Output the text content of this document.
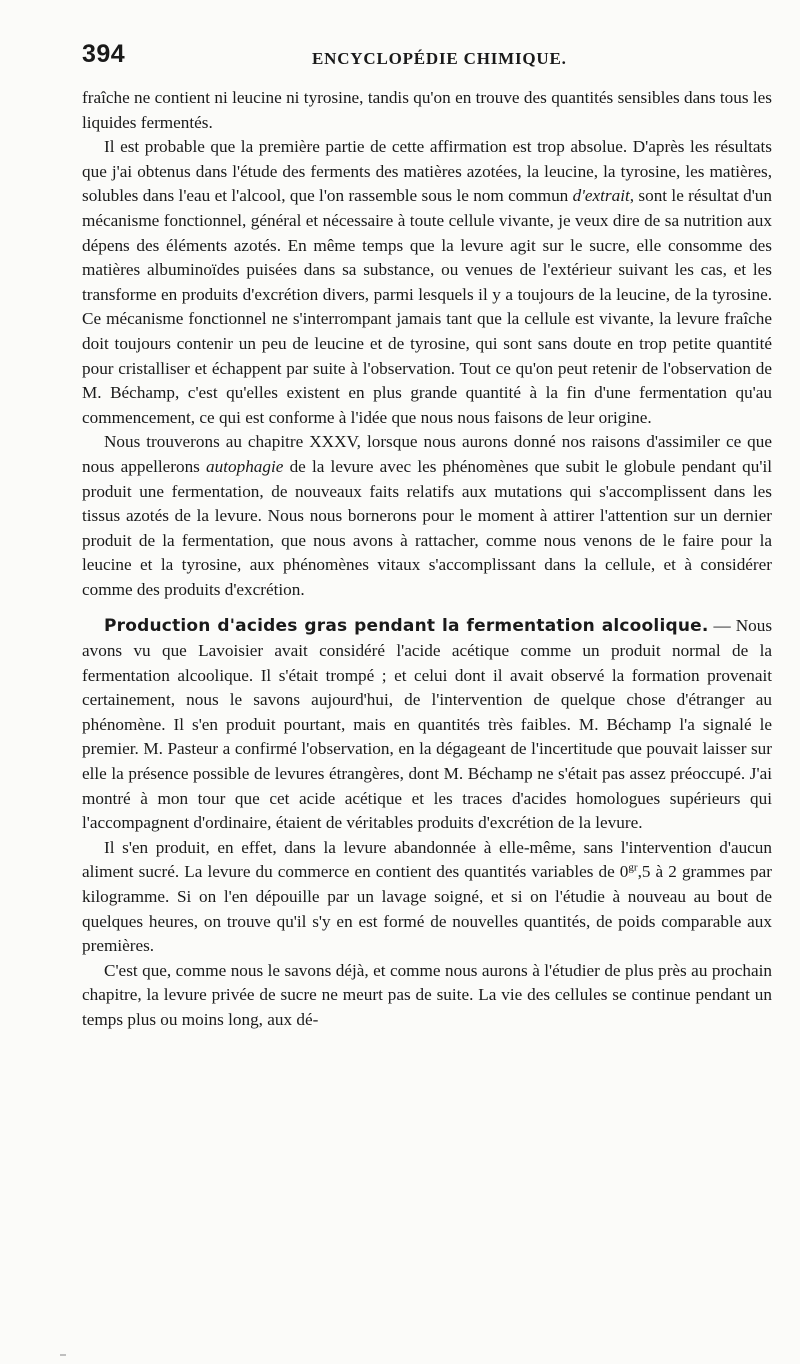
394	ENCYCLOPÉDIE CHIMIQUE.

fraîche ne contient ni leucine ni tyrosine, tandis qu'on en trouve des quantités sensibles dans tous les liquides fermentés.

Il est probable que la première partie de cette affirmation est trop absolue. D'après les résultats que j'ai obtenus dans l'étude des ferments des matières azotées, la leucine, la tyrosine, les matières, solubles dans l'eau et l'alcool, que l'on rassemble sous le nom commun d'extrait, sont le résultat d'un mécanisme fonctionnel, général et nécessaire à toute cellule vivante, je veux dire de sa nutrition aux dépens des éléments azotés. En même temps que la levure agit sur le sucre, elle consomme des matières albuminoïdes puisées dans sa substance, ou venues de l'extérieur suivant les cas, et les transforme en produits d'excrétion divers, parmi lesquels il y a toujours de la leucine, de la tyrosine. Ce mécanisme fonctionnel ne s'interrompant jamais tant que la cellule est vivante, la levure fraîche doit toujours contenir un peu de leucine et de tyrosine, qui sont sans doute en trop petite quantité pour cristalliser et échappent par suite à l'observation. Tout ce qu'on peut retenir de l'observation de M. Béchamp, c'est qu'elles existent en plus grande quantité à la fin d'une fermentation qu'au commencement, ce qui est conforme à l'idée que nous nous faisons de leur origine.

Nous trouverons au chapitre XXXV, lorsque nous aurons donné nos raisons d'assimiler ce que nous appellerons autophagie de la levure avec les phénomènes que subit le globule pendant qu'il produit une fermentation, de nouveaux faits relatifs aux mutations qui s'accomplissent dans les tissus azotés de la levure. Nous nous bornerons pour le moment à attirer l'attention sur un dernier produit de la fermentation, que nous avons à rattacher, comme nous venons de le faire pour la leucine et la tyrosine, aux phénomènes vitaux s'accomplissant dans la cellule, et à considérer comme des produits d'excrétion.

Production d'acides gras pendant la fermentation alcoolique. — Nous avons vu que Lavoisier avait considéré l'acide acétique comme un produit normal de la fermentation alcoolique. Il s'était trompé ; et celui dont il avait observé la formation provenait certainement, nous le savons aujourd'hui, de l'intervention de quelque chose d'étranger au phénomène. Il s'en produit pourtant, mais en quantités très faibles. M. Béchamp l'a signalé le premier. M. Pasteur a confirmé l'observation, en la dégageant de l'incertitude que pouvait laisser sur elle la présence possible de levures étrangères, dont M. Béchamp ne s'était pas assez préoccupé. J'ai montré à mon tour que cet acide acétique et les traces d'acides homologues supérieurs qui l'accompagnent d'ordinaire, étaient de véritables produits d'excrétion de la levure.

Il s'en produit, en effet, dans la levure abandonnée à elle-même, sans l'intervention d'aucun aliment sucré. La levure du commerce en contient des quantités variables de $0^{gr},5$ à 2 grammes par kilogramme. Si on l'en dépouille par un lavage soigné, et si on l'étudie à nouveau au bout de quelques heures, on trouve qu'il s'y en est formé de nouvelles quantités, de poids comparable aux premières.

C'est que, comme nous le savons déjà, et comme nous aurons à l'étudier de plus près au prochain chapitre, la levure privée de sucre ne meurt pas de suite. La vie des cellules se continue pendant un temps plus ou moins long, aux dé-
